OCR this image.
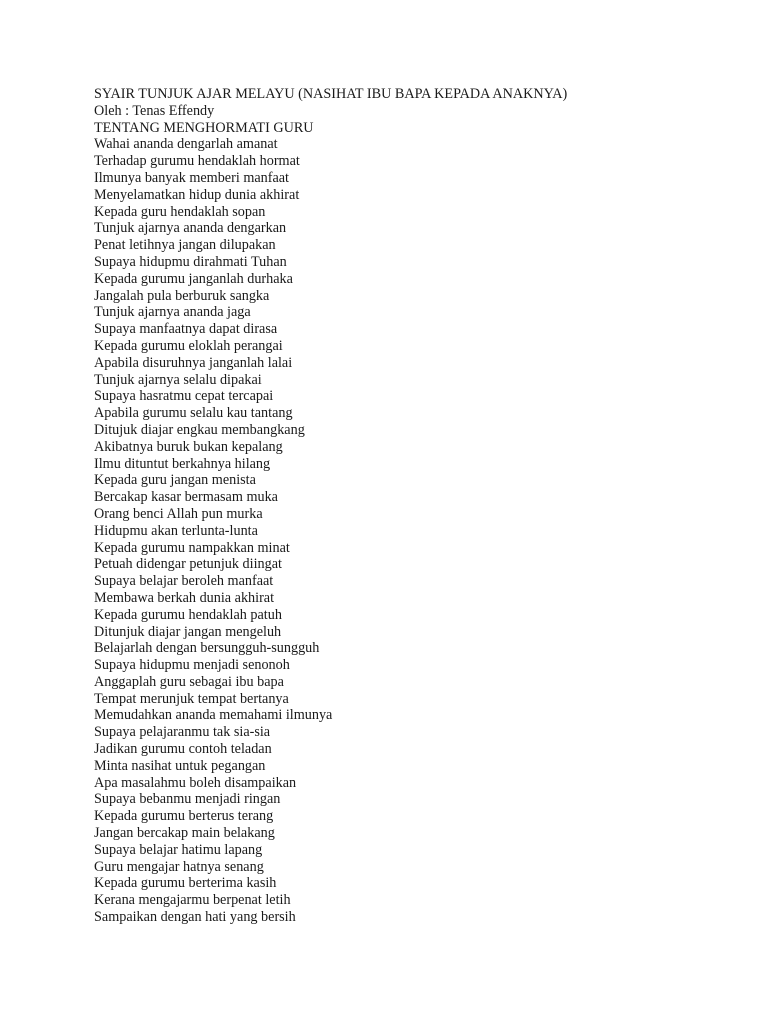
SYAIR TUNJUK AJAR MELAYU (NASIHAT IBU BAPA KEPADA ANAKNYA)
Oleh : Tenas Effendy
TENTANG MENGHORMATI GURU
Wahai ananda dengarlah amanat
Terhadap gurumu hendaklah hormat
Ilmunya banyak memberi manfaat
Menyelamatkan hidup dunia akhirat
Kepada guru hendaklah sopan
Tunjuk ajarnya ananda dengarkan
Penat letihnya jangan dilupakan
Supaya hidupmu dirahmati Tuhan
Kepada gurumu janganlah durhaka
Jangalah pula berburuk sangka
Tunjuk ajarnya ananda jaga
Supaya manfaatnya dapat dirasa
Kepada gurumu eloklah perangai
Apabila disuruhnya janganlah lalai
Tunjuk ajarnya selalu dipakai
Supaya hasratmu cepat tercapai
Apabila gurumu selalu kau tantang
Ditujuk diajar engkau membangkang
Akibatnya buruk bukan kepalang
Ilmu dituntut berkahnya hilang
Kepada guru jangan menista
Bercakap kasar bermasam muka
Orang benci Allah pun murka
Hidupmu akan terlunta-lunta
Kepada gurumu nampakkan minat
Petuah didengar petunjuk diingat
Supaya belajar beroleh manfaat
Membawa berkah dunia akhirat
Kepada gurumu hendaklah patuh
Ditunjuk diajar jangan mengeluh
Belajarlah dengan bersungguh-sungguh
Supaya hidupmu menjadi senonoh
Anggaplah guru sebagai ibu bapa
Tempat merunjuk tempat bertanya
Memudahkan ananda memahami ilmunya
Supaya pelajaranmu tak sia-sia
Jadikan gurumu contoh teladan
Minta nasihat untuk pegangan
Apa masalahmu boleh disampaikan
Supaya bebanmu menjadi ringan
Kepada gurumu berterus terang
Jangan bercakap main belakang
Supaya belajar hatimu lapang
Guru mengajar hatnya senang
Kepada gurumu berterima kasih
Kerana mengajarmu berpenat letih
Sampaikan dengan hati yang bersih
